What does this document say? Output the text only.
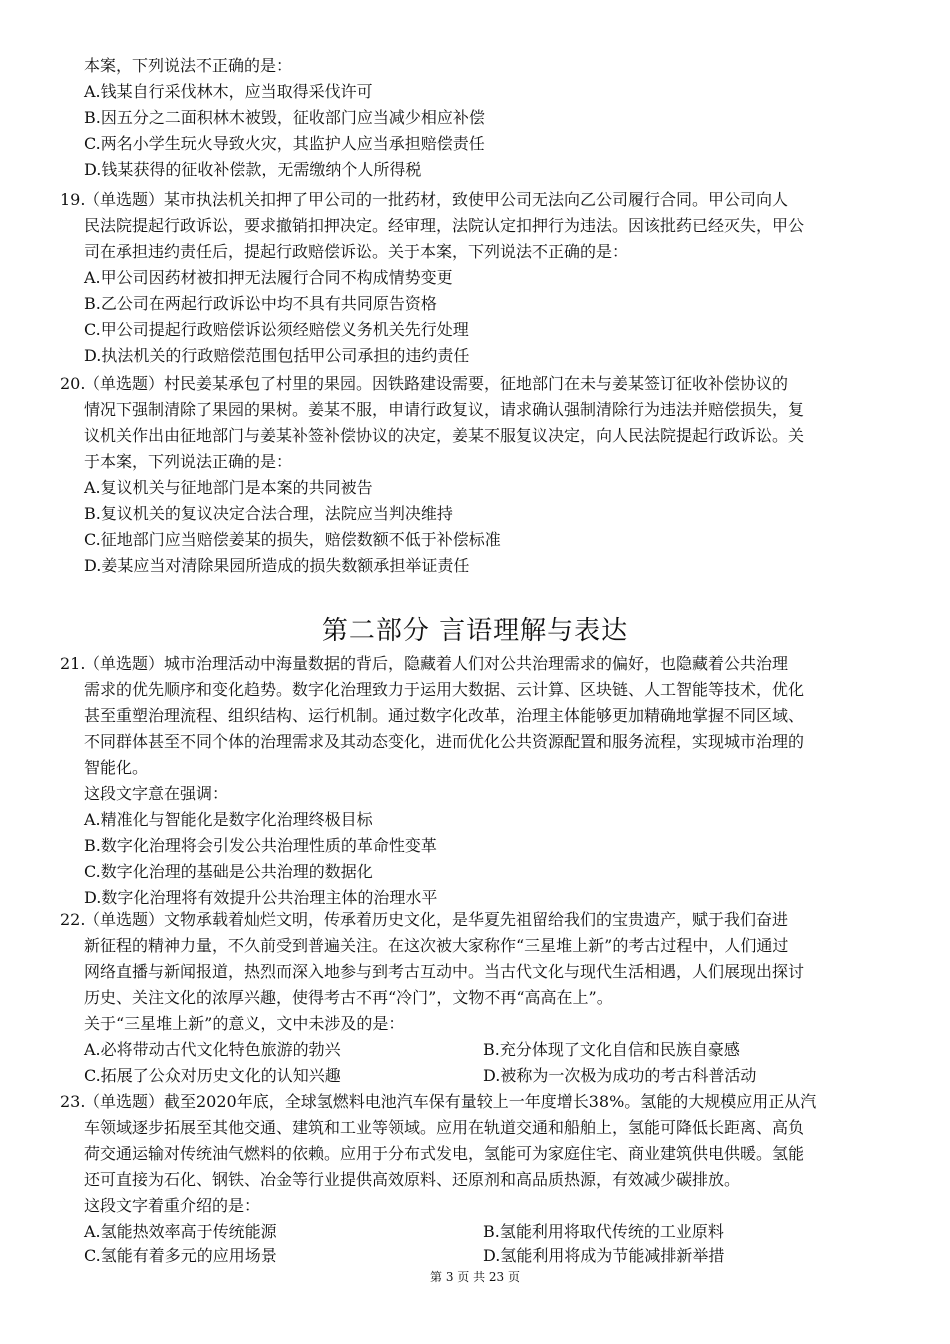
本案，下列说法不正确的是：
A.钱某自行采伐林木，应当取得采伐许可
B.因五分之二面积林木被毁，征收部门应当减少相应补偿
C.两名小学生玩火导致火灾，其监护人应当承担赔偿责任
D.钱某获得的征收补偿款，无需缴纳个人所得税
19.
（单选题）某市执法机关扣押了甲公司的一批药材，致使甲公司无法向乙公司履行合同。甲公司向人
民法院提起行政诉讼，要求撤销扣押决定。经审理，法院认定扣押行为违法。因该批药已经灭失，甲公
司在承担违约责任后，提起行政赔偿诉讼。关于本案，下列说法不正确的是：
A.甲公司因药材被扣押无法履行合同不构成情势变更
B.乙公司在两起行政诉讼中均不具有共同原告资格
C.甲公司提起行政赔偿诉讼须经赔偿义务机关先行处理
D.执法机关的行政赔偿范围包括甲公司承担的违约责任
20.
（单选题）村民姜某承包了村里的果园。因铁路建设需要，征地部门在未与姜某签订征收补偿协议的
情况下强制清除了果园的果树。姜某不服，申请行政复议，请求确认强制清除行为违法并赔偿损失，复
议机关作出由征地部门与姜某补签补偿协议的决定，姜某不服复议决定，向人民法院提起行政诉讼。关
于本案，下列说法正确的是：
A.复议机关与征地部门是本案的共同被告
B.复议机关的复议决定合法合理，法院应当判决维持
C.征地部门应当赔偿姜某的损失，赔偿数额不低于补偿标准
D.姜某应当对清除果园所造成的损失数额承担举证责任
第二部分 言语理解与表达
21.
（单选题）城市治理活动中海量数据的背后，隐藏着人们对公共治理需求的偏好，也隐藏着公共治理
需求的优先顺序和变化趋势。数字化治理致力于运用大数据、云计算、区块链、人工智能等技术，优化
甚至重塑治理流程、组织结构、运行机制。通过数字化改革，治理主体能够更加精确地掌握不同区域、
不同群体甚至不同个体的治理需求及其动态变化，进而优化公共资源配置和服务流程，实现城市治理的
智能化。
这段文字意在强调：
A.精准化与智能化是数字化治理终极目标
B.数字化治理将会引发公共治理性质的革命性变革
C.数字化治理的基础是公共治理的数据化
D.数字化治理将有效提升公共治理主体的治理水平
22.
（单选题）文物承载着灿烂文明，传承着历史文化，是华夏先祖留给我们的宝贵遗产，赋于我们奋进
新征程的精神力量，不久前受到普遍关注。在这次被大家称作“三星堆上新”的考古过程中，人们通过
网络直播与新闻报道，热烈而深入地参与到考古互动中。当古代文化与现代生活相遇，人们展现出探讨
历史、关注文化的浓厚兴趣，使得考古不再“冷门”，文物不再“高高在上”。
关于“三星堆上新”的意义，文中未涉及的是：
A.必将带动古代文化特色旅游的勃兴	B.充分体现了文化自信和民族自豪感
C.拓展了公众对历史文化的认知兴趣	D.被称为一次极为成功的考古科普活动
23.
（单选题）截至2020年底，全球氢燃料电池汽车保有量较上一年度增长38%。氢能的大规模应用正从汽
车领域逐步拓展至其他交通、建筑和工业等领域。应用在轨道交通和船舶上，氢能可降低长距离、高负
荷交通运输对传统油气燃料的依赖。应用于分布式发电，氢能可为家庭住宅、商业建筑供电供暖。氢能
还可直接为石化、钢铁、冶金等行业提供高效原料、还原剂和高品质热源，有效减少碳排放。
这段文字着重介绍的是：
A.氢能热效率高于传统能源	B.氢能利用将取代传统的工业原料
C.氢能有着多元的应用场景	D.氢能利用将成为节能减排新举措
第 3 页 共 23 页
